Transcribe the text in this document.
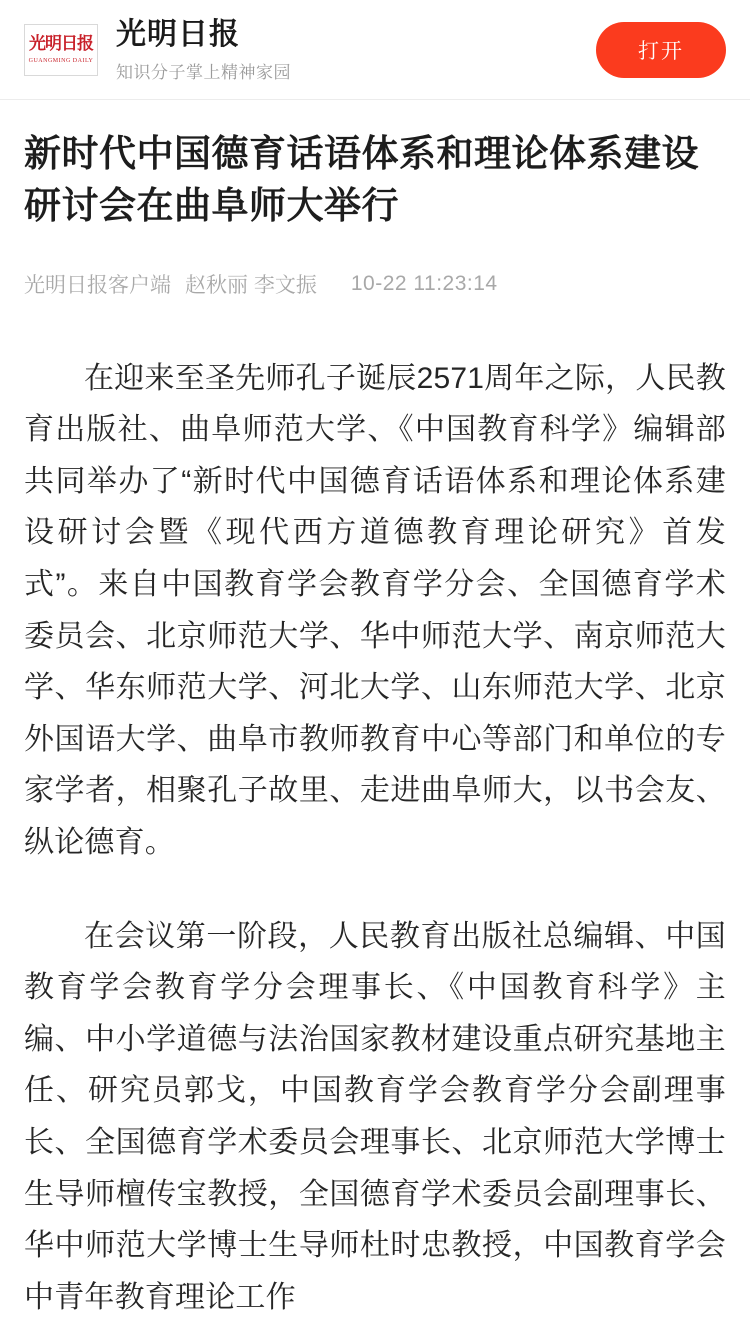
光明日报
GUANGMING DAILY
光明日报
知识分子掌上精神家园
打开
新时代中国德育话语体系和理论体系建设研讨会在曲阜师大举行
光明日报客户端 赵秋丽 李文振 10-22 11:23:14

在迎来至圣先师孔子诞辰2571周年之际，人民教育出版社、曲阜师范大学、《中国教育科学》编辑部共同举办了“新时代中国德育话语体系和理论体系建设研讨会暨《现代西方道德教育理论研究》首发式”。来自中国教育学会教育学分会、全国德育学术委员会、北京师范大学、华中师范大学、南京师范大学、华东师范大学、河北大学、山东师范大学、北京外国语大学、曲阜市教师教育中心等部门和单位的专家学者，相聚孔子故里、走进曲阜师大，以书会友、纵论德育。

在会议第一阶段，人民教育出版社总编辑、中国教育学会教育学分会理事长、《中国教育科学》主编、中小学道德与法治国家教材建设重点研究基地主任、研究员郭戈，中国教育学会教育学分会副理事长、全国德育学术委员会理事长、北京师范大学博士生导师檀传宝教授，全国德育学术委员会副理事长、华中师范大学博士生导师杜时忠教授，中国教育学会中青年教育理论工作
